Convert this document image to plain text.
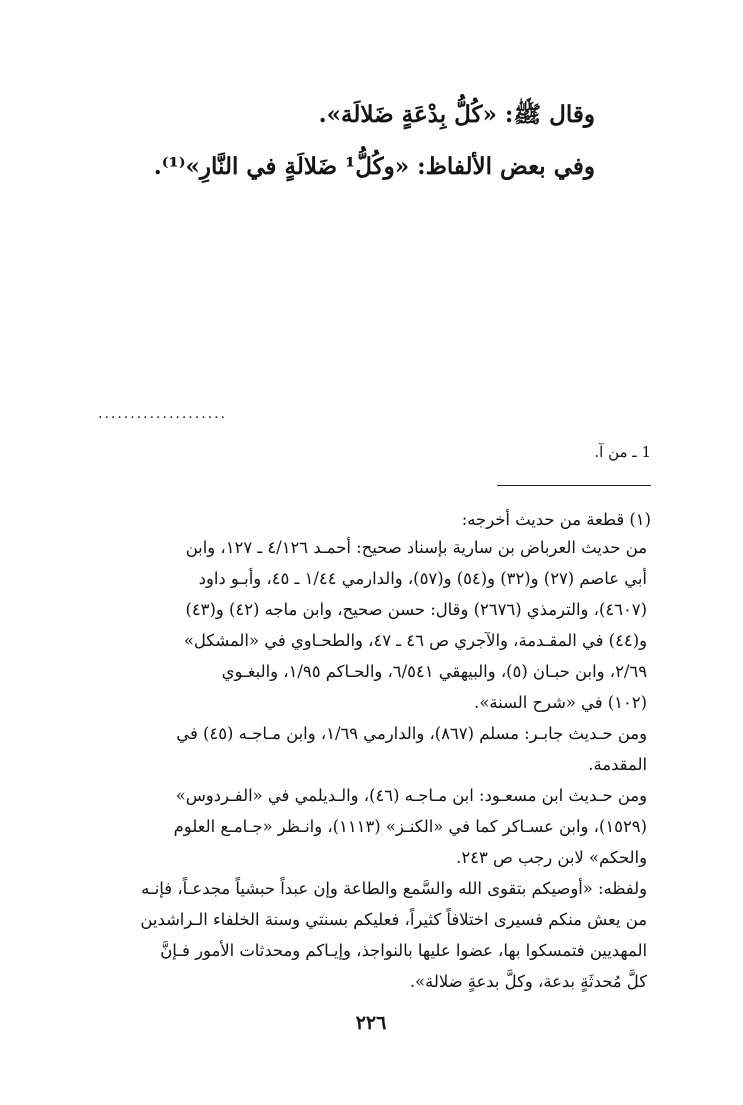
وقال ﷺ: «كُلُّ بِدْعَةٍ ضَلالَة».
وفي بعض الألفاظ: «وكُلُّ¹ ضَلالَةٍ في النَّارِ»⁽¹⁾.
....................
1 ـ من آ.
(١) قطعة من حديث أخرجه:
من حديث العرباض بن سارية بإسناد صحيح: أحمـد ٤/١٢٦ ـ ١٢٧، وابن
أبي عاصم (٢٧) و(٣٢) و(٥٤) و(٥٧)، والدارمي ١/٤٤ ـ ٤٥، وأبـو داود
(٤٦٠٧)، والترمذي (٢٦٧٦) وقال: حسن صحيح، وابن ماجه (٤٢) و(٤٣)
و(٤٤) في المقـدمة، والآجري ص ٤٦ ـ ٤٧، والطحـاوي في «المشكل»
٢/٦٩، وابن حبـان (٥)، والبيهقي ٦/٥٤١، والحـاكم ١/٩٥، والبغـوي
(١٠٢) في «شرح السنة».
ومن حـديث جابـر: مسلم (٨٦٧)، والدارمي ١/٦٩، وابن مـاجـه (٤٥) في
المقدمة.
ومن حـديث ابن مسعـود: ابن مـاجـه (٤٦)، والـديلمي في «الفـردوس»
(١٥٢٩)، وابن عسـاكر كما في «الكنـز» (١١١٣)، وانـظر «جـامـع العلوم
والحكم» لابن رجب ص ٢٤٣.
ولفظه: «أوصيكم بتقوى الله والسَّمع والطاعة وإن عبداً حبشياً مجدعـاً، فإنـه
من يعش منكم فسيرى اختلافاً كثيراً، فعليكم بسنتي وسنة الخلفاء الـراشدين
المهديين فتمسكوا بها، عضوا عليها بالنواجذ، وإيـاكم ومحدثات الأمور فـإنَّ
كلَّ مُحدثَةٍ بدعة، وكلَّ بدعةٍ ضلالة».
٢٢٦
